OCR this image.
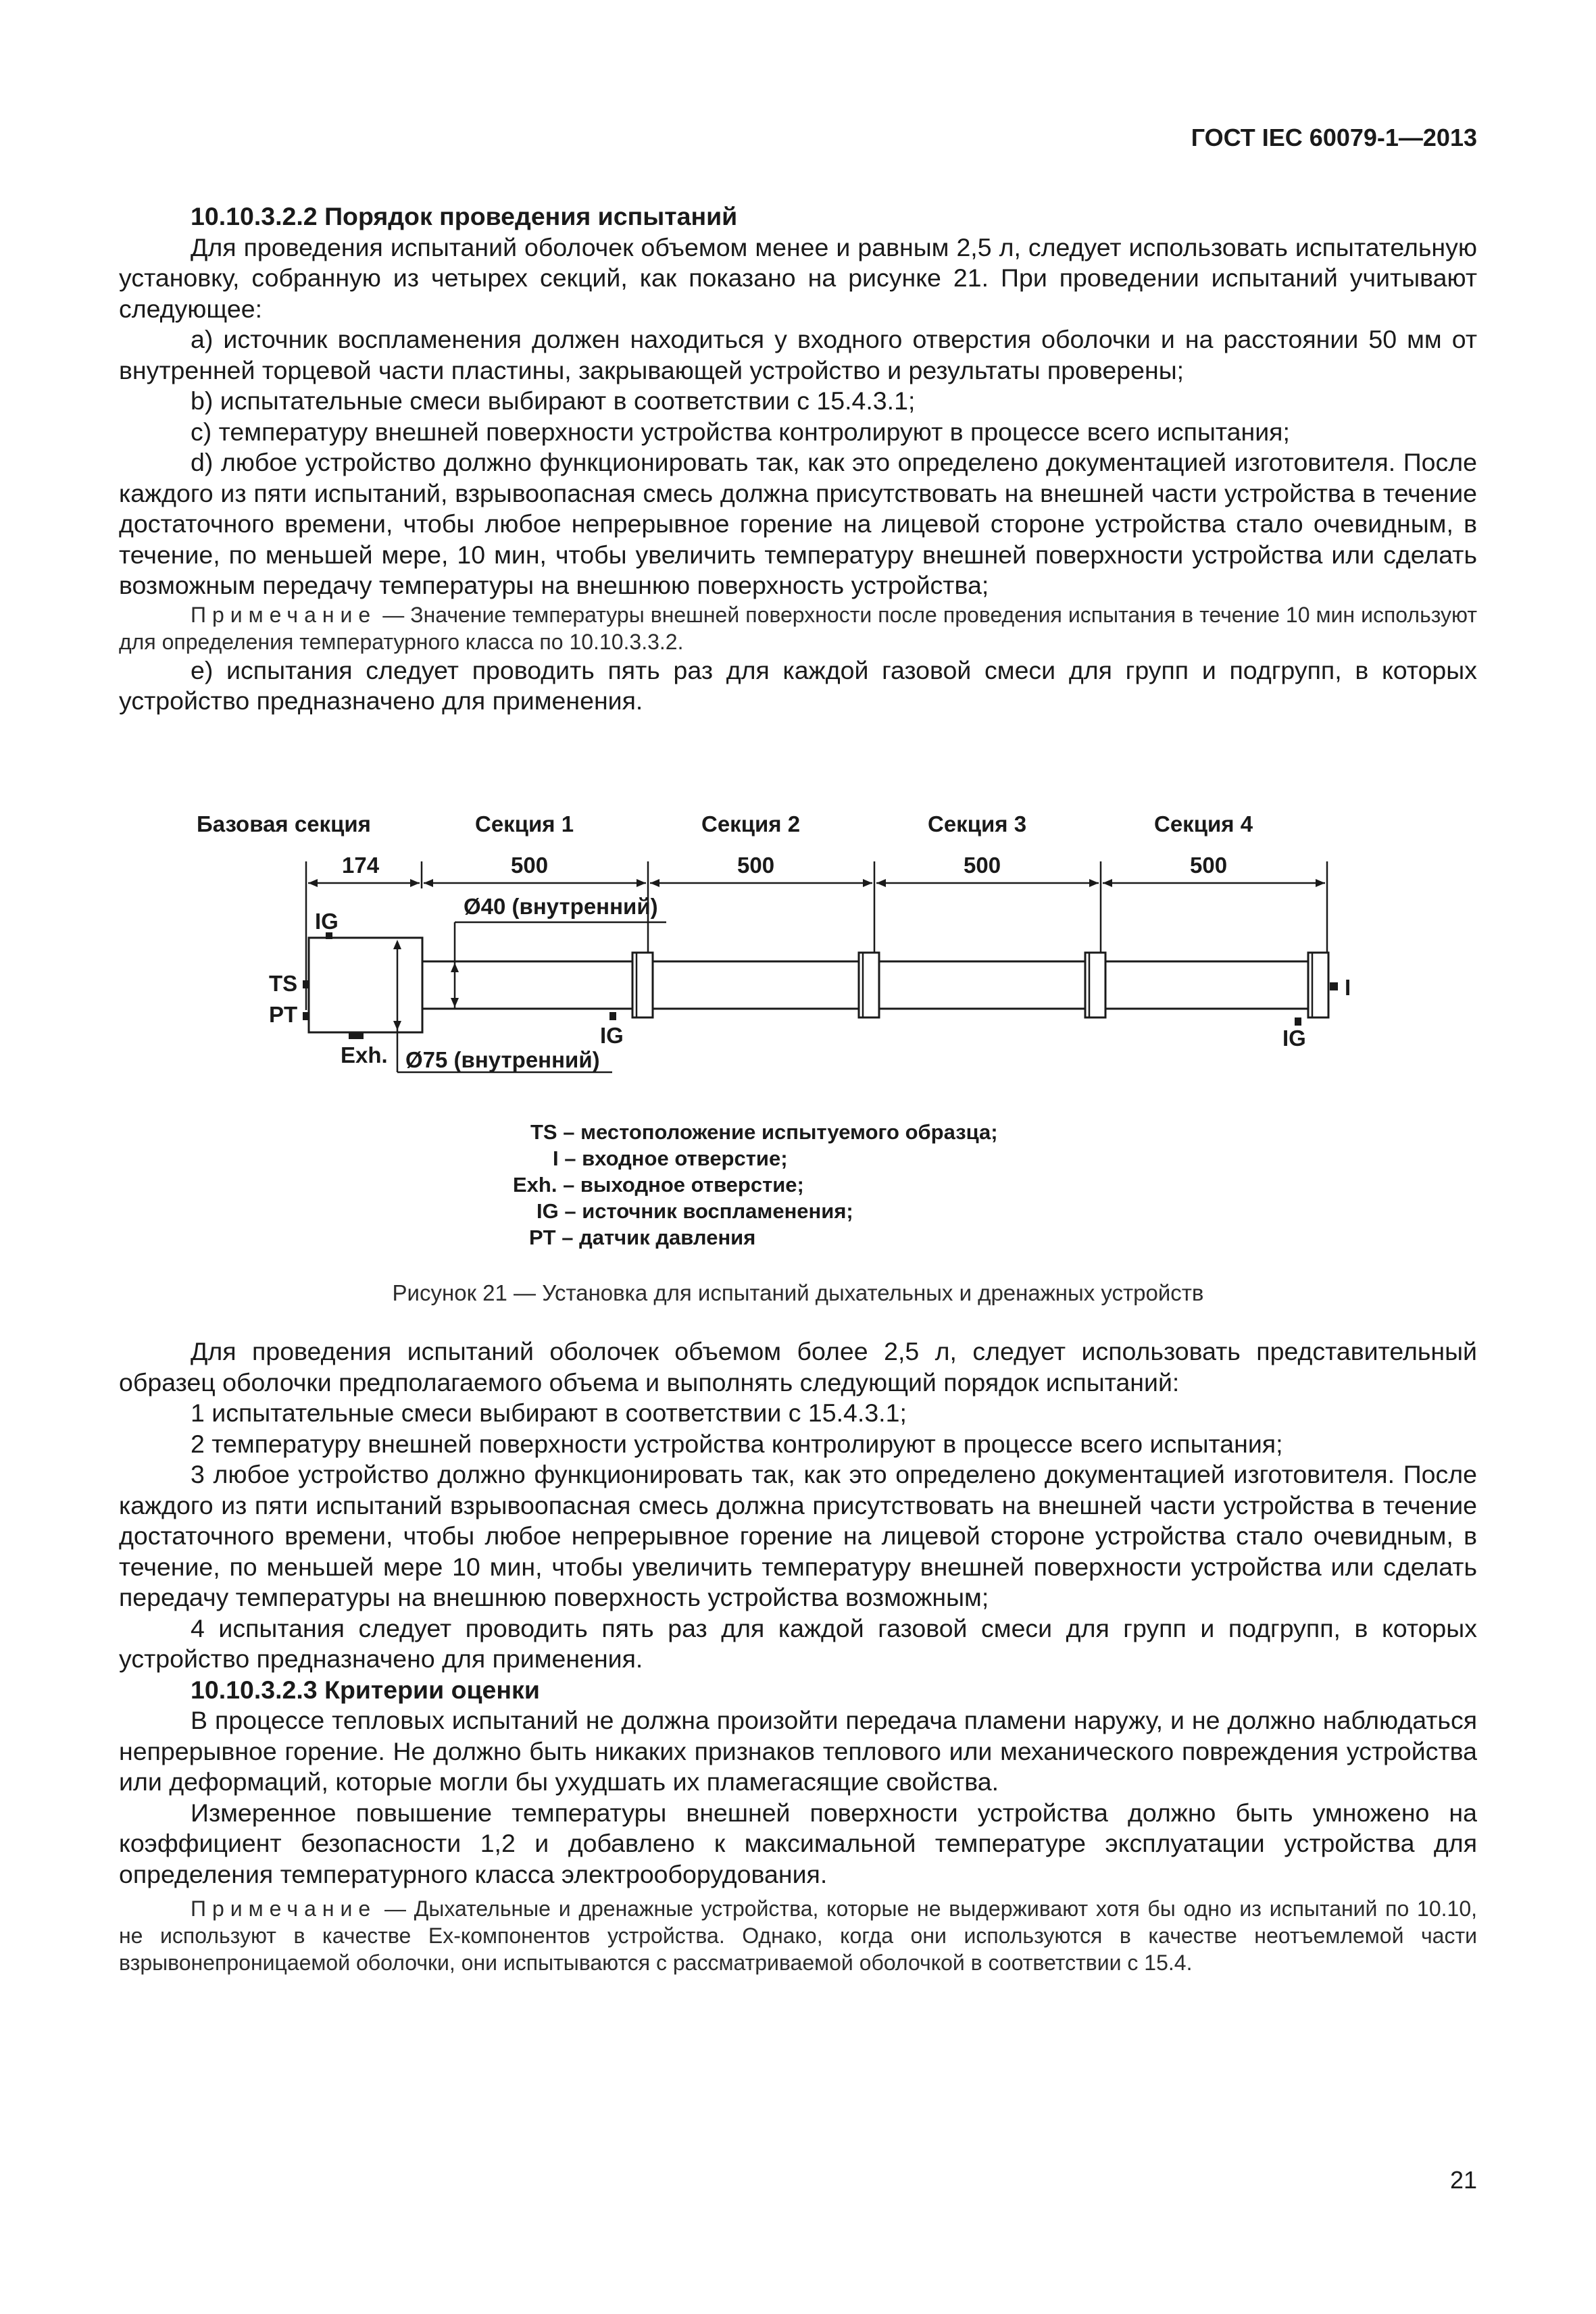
ГОСТ IEC 60079-1—2013

10.10.3.2.2 Порядок проведения испытаний

Для проведения испытаний оболочек объемом менее и равным 2,5 л, следует использовать испытательную установку, собранную из четырех секций, как показано на рисунке 21. При проведении испытаний учитывают следующее:

a) источник воспламенения должен находиться у входного отверстия оболочки и на расстоянии 50 мм от внутренней торцевой части пластины, закрывающей устройство и результаты проверены;

b) испытательные смеси выбирают в соответствии с 15.4.3.1;

c) температуру внешней поверхности устройства контролируют в процессе всего испытания;

d) любое устройство должно функционировать так, как это определено документацией изготовителя. После каждого из пяти испытаний, взрывоопасная смесь должна присутствовать на внешней части устройства в течение достаточного времени, чтобы любое непрерывное горение на лицевой стороне устройства стало очевидным, в течение, по меньшей мере, 10 мин, чтобы увеличить температуру внешней поверхности устройства или сделать возможным передачу температуры на внешнюю поверхность устройства;

Примечание — Значение температуры внешней поверхности после проведения испытания в течение 10 мин используют для определения температурного класса по 10.10.3.3.2.

e) испытания следует проводить пять раз для каждой газовой смеси для групп и подгрупп, в которых устройство предназначено для применения.

Базовая секция	Секция 1	Секция 2	Секция 3	Секция 4
174	500	500	500	500
Ø40 (внутренний)
Ø75 (внутренний)
IG
TS
PT
Exh.
IG	IG
I
TS – местоположение испытуемого образца;
I – входное отверстие;
Exh. – выходное отверстие;
IG – источник воспламенения;
PT – датчик давления
Рисунок 21 — Установка для испытаний дыхательных и дренажных устройств

Для проведения испытаний оболочек объемом более 2,5 л, следует использовать представительный образец оболочки предполагаемого объема и выполнять следующий порядок испытаний:

1 испытательные смеси выбирают в соответствии с 15.4.3.1;

2 температуру внешней поверхности устройства контролируют в процессе всего испытания;

3 любое устройство должно функционировать так, как это определено документацией изготовителя. После каждого из пяти испытаний взрывоопасная смесь должна присутствовать на внешней части устройства в течение достаточного времени, чтобы любое непрерывное горение на лицевой стороне устройства стало очевидным, в течение, по меньшей мере 10 мин, чтобы увеличить температуру внешней поверхности устройства или сделать передачу температуры на внешнюю поверхность устройства возможным;

4 испытания следует проводить пять раз для каждой газовой смеси для групп и подгрупп, в которых устройство предназначено для применения.

10.10.3.2.3 Критерии оценки

В процессе тепловых испытаний не должна произойти передача пламени наружу, и не должно наблюдаться непрерывное горение. Не должно быть никаких признаков теплового или механического повреждения устройства или деформаций, которые могли бы ухудшать их пламегасящие свойства.

Измеренное повышение температуры внешней поверхности устройства должно быть умножено на коэффициент безопасности 1,2 и добавлено к максимальной температуре эксплуатации устройства для определения температурного класса электрооборудования.

Примечание — Дыхательные и дренажные устройства, которые не выдерживают хотя бы одно из испытаний по 10.10, не используют в качестве Ex-компонентов устройства. Однако, когда они используются в качестве неотъемлемой части взрывонепроницаемой оболочки, они испытываются с рассматриваемой оболочкой в соответствии с 15.4.

21
